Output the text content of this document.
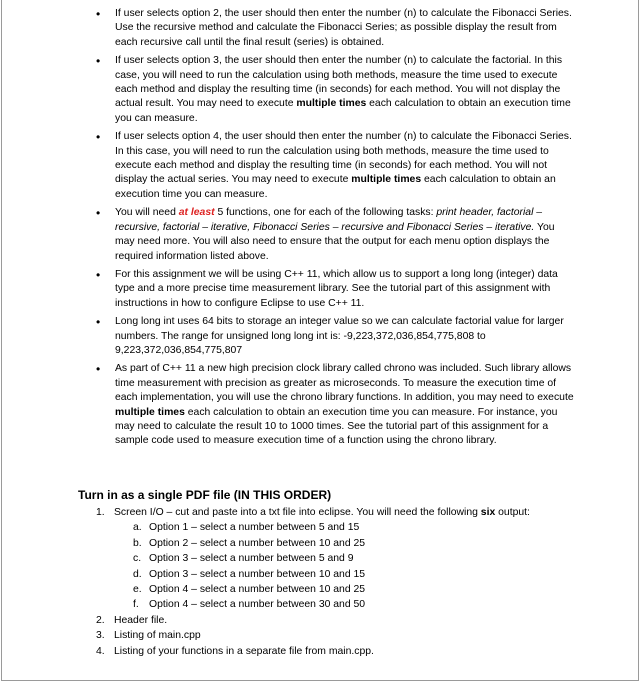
• If user selects option 2, the user should then enter the number (n) to calculate the Fibonacci Series. Use the recursive method and calculate the Fibonacci Series; as possible display the result from each recursive call until the final result (series) is obtained.
• If user selects option 3, the user should then enter the number (n) to calculate the factorial. In this case, you will need to run the calculation using both methods, measure the time used to execute each method and display the resulting time (in seconds) for each method. You will not display the actual result. You may need to execute multiple times each calculation to obtain an execution time you can measure.
• If user selects option 4, the user should then enter the number (n) to calculate the Fibonacci Series. In this case, you will need to run the calculation using both methods, measure the time used to execute each method and display the resulting time (in seconds) for each method. You will not display the actual series. You may need to execute multiple times each calculation to obtain an execution time you can measure.
• You will need at least 5 functions, one for each of the following tasks: print header, factorial – recursive, factorial – iterative, Fibonacci Series – recursive and Fibonacci Series – iterative. You may need more. You will also need to ensure that the output for each menu option displays the required information listed above.
• For this assignment we will be using C++ 11, which allow us to support a long long (integer) data type and a more precise time measurement library. See the tutorial part of this assignment with instructions in how to configure Eclipse to use C++ 11.
• Long long int uses 64 bits to storage an integer value so we can calculate factorial value for larger numbers. The range for unsigned long long int is: -9,223,372,036,854,775,808 to 9,223,372,036,854,775,807
• As part of C++ 11 a new high precision clock library called chrono was included. Such library allows time measurement with precision as greater as microseconds. To measure the execution time of each implementation, you will use the chrono library functions. In addition, you may need to execute multiple times each calculation to obtain an execution time you can measure. For instance, you may need to calculate the result 10 to 1000 times. See the tutorial part of this assignment for a sample code used to measure execution time of a function using the chrono library.
Turn in as a single PDF file (IN THIS ORDER)
1. Screen I/O – cut and paste into a txt file into eclipse. You will need the following six output:
a. Option 1 – select a number between 5 and 15
b. Option 2 – select a number between 10 and 25
c. Option 3 – select a number between 5 and 9
d. Option 3 – select a number between 10 and 15
e. Option 4 – select a number between 10 and 25
f. Option 4 – select a number between 30 and 50
2. Header file.
3. Listing of main.cpp
4. Listing of your functions in a separate file from main.cpp.
